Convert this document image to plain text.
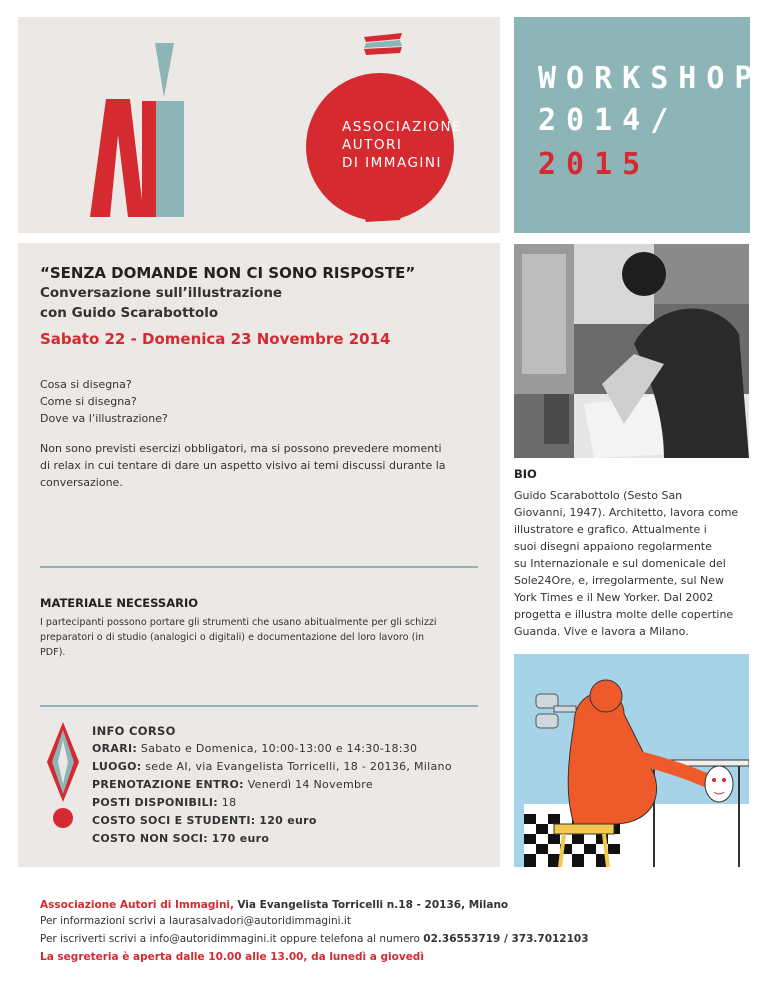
ASSOCIAZIONE
AUTORI
DI IMMAGINI
WORKSHOP
2014/
2015
“SENZA DOMANDE NON CI SONO RISPOSTE”
Conversazione sull’illustrazione
con Guido Scarabottolo
Sabato 22 - Domenica 23 Novembre 2014
Cosa si disegna?
Come si disegna?
Dove va l’illustrazione?
Non sono previsti esercizi obbligatori, ma si possono prevedere momenti
di relax in cui tentare di dare un aspetto visivo ai temi discussi durante la
conversazione.
MATERIALE NECESSARIO
I partecipanti possono portare gli strumenti che usano abitualmente per gli schizzi
preparatori o di studio (analogici o digitali) e documentazione del loro lavoro (in
PDF).
INFO CORSO
ORARI: Sabato e Domenica, 10:00-13:00 e 14:30-18:30
LUOGO: sede AI, via Evangelista Torricelli, 18 - 20136, Milano
PRENOTAZIONE ENTRO: Venerdì 14 Novembre
POSTI DISPONIBILI: 18
COSTO SOCI E STUDENTI: 120 euro
COSTO NON SOCI: 170 euro
BIO
Guido Scarabottolo (Sesto San
Giovanni, 1947). Architetto, lavora come
illustratore e grafico. Attualmente i
suoi disegni appaiono regolarmente
su Internazionale e sul domenicale del
Sole24Ore, e, irregolarmente, sul New
York Times e il New Yorker. Dal 2002
progetta e illustra molte delle copertine
Guanda. Vive e lavora a Milano.
Associazione Autori di Immagini, Via Evangelista Torricelli n.18 - 20136, Milano
Per informazioni scrivi a laurasalvadori@autoridimmagini.it
Per iscriverti scrivi a info@autoridimmagini.it oppure telefona al numero 02.36553719 / 373.7012103
La segreteria è aperta dalle 10.00 alle 13.00, da lunedì a giovedì
